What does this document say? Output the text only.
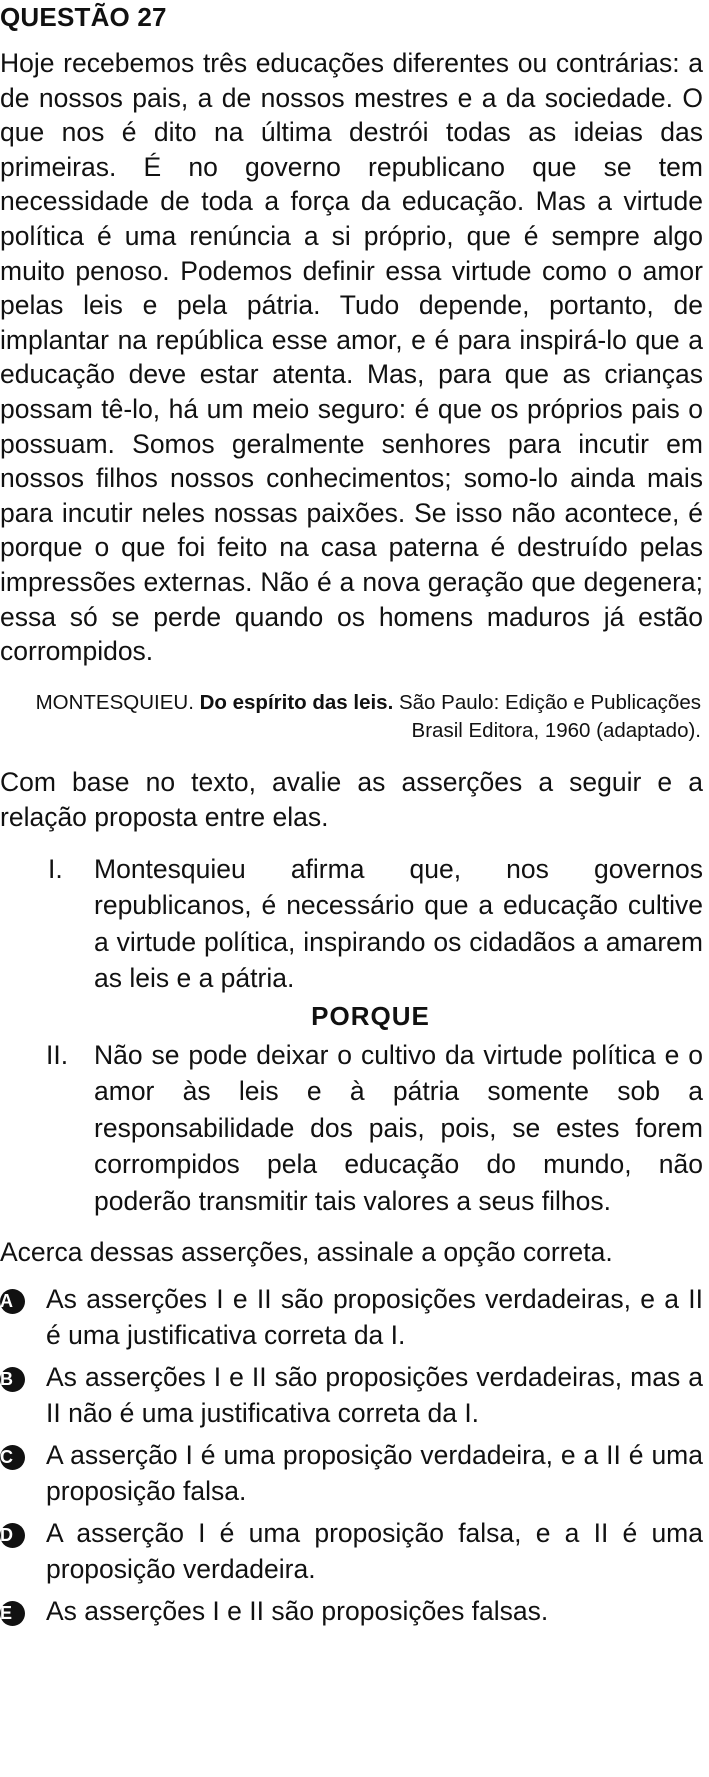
QUESTÃO 27

Hoje recebemos três educações diferentes ou contrárias: a de nossos pais, a de nossos mestres e a da sociedade. O que nos é dito na última destrói todas as ideias das primeiras. É no governo republicano que se tem necessidade de toda a força da educação. Mas a virtude política é uma renúncia a si próprio, que é sempre algo muito penoso. Podemos definir essa virtude como o amor pelas leis e pela pátria. Tudo depende, portanto, de implantar na república esse amor, e é para inspirá-lo que a educação deve estar atenta. Mas, para que as crianças possam tê-lo, há um meio seguro: é que os próprios pais o possuam. Somos geralmente senhores para incutir em nossos filhos nossos conhecimentos; somo-lo ainda mais para incutir neles nossas paixões. Se isso não acontece, é porque o que foi feito na casa paterna é destruído pelas impressões externas. Não é a nova geração que degenera; essa só se perde quando os homens maduros já estão corrompidos.

MONTESQUIEU. Do espírito das leis. São Paulo: Edição e Publicações Brasil Editora, 1960 (adaptado).

Com base no texto, avalie as asserções a seguir e a relação proposta entre elas.

I. Montesquieu afirma que, nos governos republicanos, é necessário que a educação cultive a virtude política, inspirando os cidadãos a amarem as leis e a pátria.
PORQUE
II. Não se pode deixar o cultivo da virtude política e o amor às leis e à pátria somente sob a responsabilidade dos pais, pois, se estes forem corrompidos pela educação do mundo, não poderão transmitir tais valores a seus filhos.

Acerca dessas asserções, assinale a opção correta.

A	As asserções I e II são proposições verdadeiras, e a II é uma justificativa correta da I.
B	As asserções I e II são proposições verdadeiras, mas a II não é uma justificativa correta da I.
C	A asserção I é uma proposição verdadeira, e a II é uma proposição falsa.
D	A asserção I é uma proposição falsa, e a II é uma proposição verdadeira.
E	As asserções I e II são proposições falsas.
